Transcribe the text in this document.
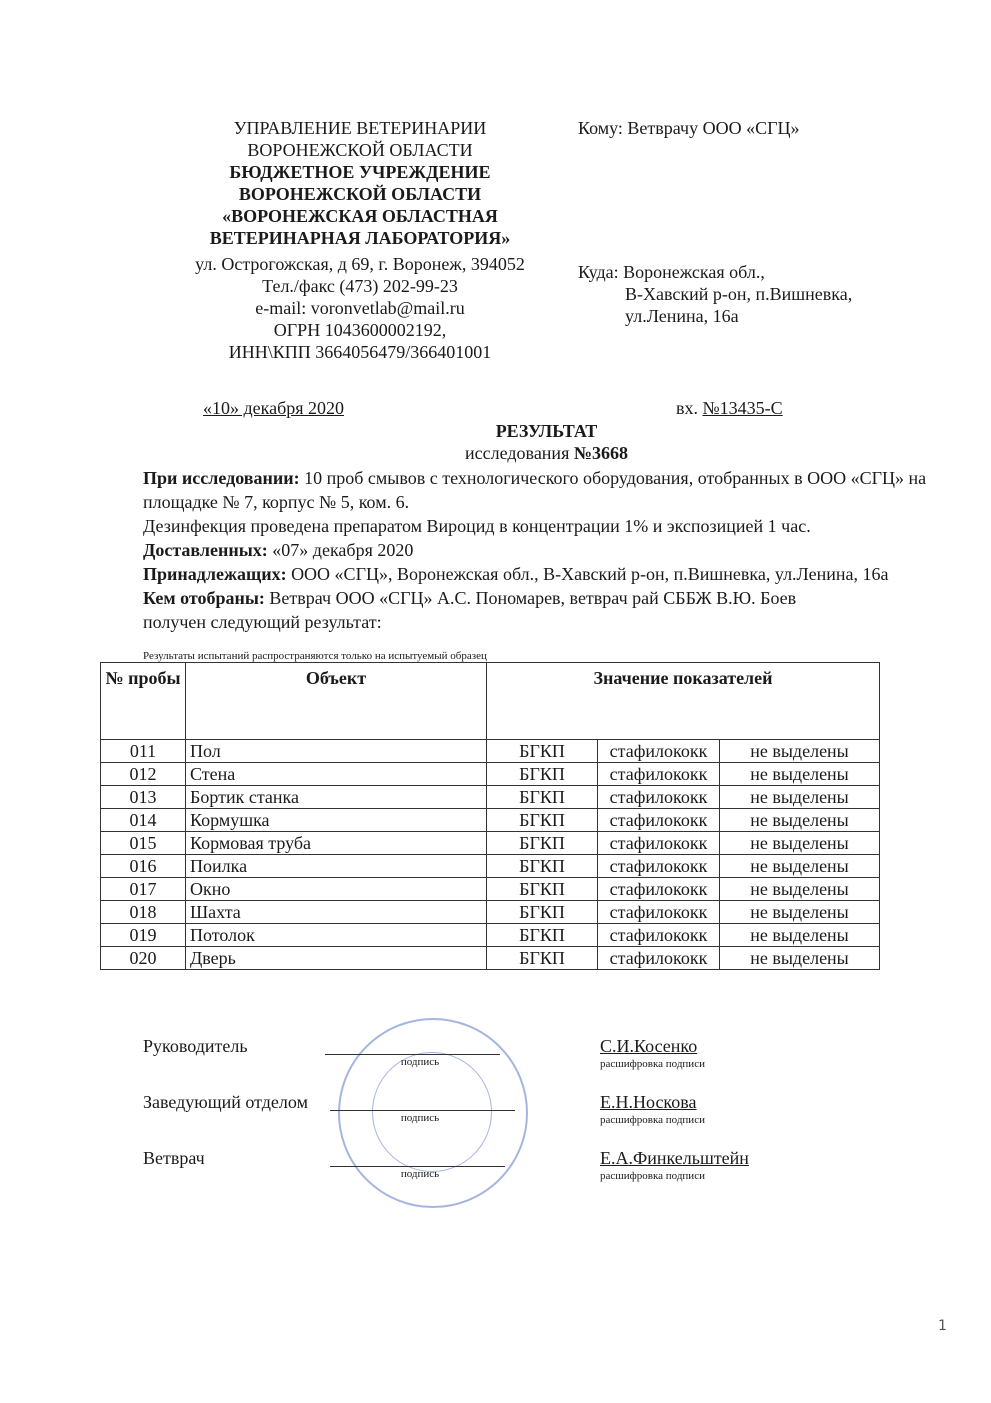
УПРАВЛЕНИЕ ВЕТЕРИНАРИИ
ВОРОНЕЖСКОЙ ОБЛАСТИ
БЮДЖЕТНОЕ УЧРЕЖДЕНИЕ
ВОРОНЕЖСКОЙ ОБЛАСТИ
«ВОРОНЕЖСКАЯ ОБЛАСТНАЯ
ВЕТЕРИНАРНАЯ ЛАБОРАТОРИЯ»
ул. Острогожская, д 69, г. Воронеж, 394052
Тел./факс (473) 202-99-23
e-mail: voronvetlab@mail.ru
ОГРН 1043600002192,
ИНН\КПП 3664056479/366401001
Кому: Ветврачу ООО «СГЦ»
Куда: Воронежская обл.,
В-Хавский р-он, п.Вишневка,
ул.Ленина, 16а
«10» декабря 2020	вх. №13435-С
РЕЗУЛЬТАТ
исследования №3668
При исследовании: 10 проб смывов с технологического оборудования, отобранных в ООО «СГЦ» на площадке № 7, корпус № 5, ком. 6.
Дезинфекция проведена препаратом Вироцид в концентрации 1% и экспозицией 1 час.
Доставленных: «07» декабря 2020
Принадлежащих: ООО «СГЦ», Воронежская обл., В-Хавский р-он, п.Вишневка, ул.Ленина, 16а
Кем отобраны: Ветврач ООО «СГЦ» А.С. Пономарев, ветврач рай СББЖ В.Ю. Боев
получен следующий результат:
Результаты испытаний распространяются только на испытуемый образец
№ пробы	Объект	Значение показателей		
011	Пол	БГКП	стафилококк	не выделены
012	Стена	БГКП	стафилококк	не выделены
013	Бортик станка	БГКП	стафилококк	не выделены
014	Кормушка	БГКП	стафилококк	не выделены
015	Кормовая труба	БГКП	стафилококк	не выделены
016	Поилка	БГКП	стафилококк	не выделены
017	Окно	БГКП	стафилококк	не выделены
018	Шахта	БГКП	стафилококк	не выделены
019	Потолок	БГКП	стафилококк	не выделены
020	Дверь	БГКП	стафилококк	не выделены
Руководитель
подпись
С.И.Косенко
расшифровка подписи
Заведующий отделом
подпись
Е.Н.Носкова
расшифровка подписи
Ветврач
подпись
Е.А.Финкельштейн
расшифровка подписи
1
